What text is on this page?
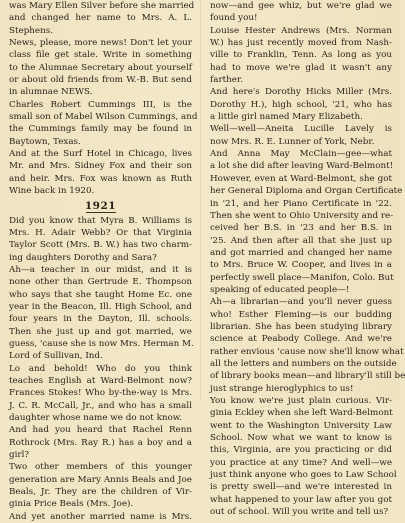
was Mary Ellen Silver before she married
and changed her name to Mrs. A. L.
Stephens.
News, please, more news! Don't let your
class file get stale. Write in something
to the Alumnae Secretary about yourself
or about old friends from W.-B. But send
in alumnae NEWS.
Charles Robert Cummings III, is the
small son of Mabel Wilson Cummings, and
the Cummings family may be found in
Baytown, Texas.
And at the Surf Hotel in Chicago, lives
Mr. and Mrs. Sidney Fox and their son
and heir. Mrs. Fox was known as Ruth
Wine back in 1920.
1921
Did you know that Myra B. Williams is
Mrs. H. Adair Webb? Or that Virginia
Taylor Scott (Mrs. B. W.) has two charm-
ing daughters Dorothy and Sara?
Ah—a teacher in our midst, and it is
none other than Gertrude E. Thompson
who says that she taught Home Ec. one
year in the Beacon, Ill. High School, and
four years in the Dayton, Ill. schools.
Then she just up and got married, we
guess, 'cause she is now Mrs. Herman M.
Lord of Sullivan, Ind.
Lo and behold! Who do you think
teaches English at Ward-Belmont now?
Frances Stokes! Who by-the-way is Mrs.
J. C. R. McCall, Jr., and who has a small
daughter whose name we do not know.
And had you heard that Rachel Renn
Rothrock (Mrs. Ray R.) has a boy and a
girl?
Two other members of this younger
generation are Mary Annis Beals and Joe
Beals, Jr. They are the children of Vir-
ginia Price Beals (Mrs. Joe).
And yet another married name is Mrs.
now—and gee whiz, but we're glad we
found you!
Louise Hester Andrews (Mrs. Norman
W.) has just recently moved from Nash-
ville to Franklin, Tenn. As long as you
had to move we're glad it wasn't any
farther.
And here's Dorothy Hicks Miller (Mrs.
Dorothy H.), high school, '21, who has
a little girl named Mary Elizabeth.
Well—well—Aneita Lucille Lavely is
now Mrs. R. E. Lunner of York, Nebr.
And Anna May McClain—gee—what
a lot she did after leaving Ward-Belmont!
However, even at Ward-Belmont, she got
her General Diploma and Organ Certificate
in '21, and her Piano Certificate in '22.
Then she went to Ohio University and re-
ceived her B.S. in '23 and her B.S. in
'25. And then after all that she just up
and got married and changed her name
to Mrs. Bruce W. Cooper, and lives in a
perfectly swell place—Manifon, Colo. But
speaking of educated people—!
Ah—a librarian—and you'll never guess
who! Esther Fleming—is our budding
librarian. She has been studying library
science at Peabody College. And we're
rather envious 'cause now she'll know what
all the letters and numbers on the outside
of library books mean—and library'll still be
just strange hieroglyphics to us!
You know we're just plain curious. Vir-
ginia Eckley when she left Ward-Belmont
went to the Washington University Law
School. Now what we want to know is
this, Virginia, are you practicing or did
you practice at any time? And well—we
just think anyone who goes to Law School
is pretty swell—and we're interested in
what happened to your law after you got
out of school. Will you write and tell us?
